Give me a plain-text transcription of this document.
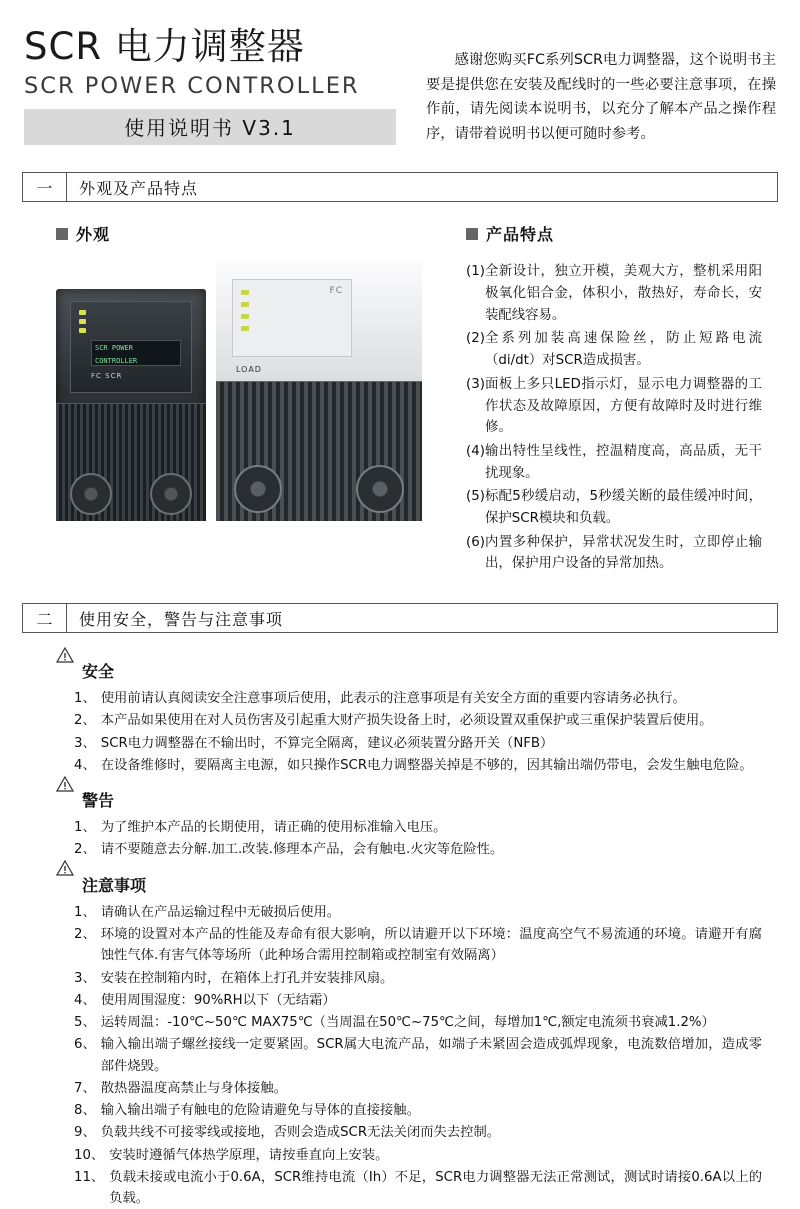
SCR 电力调整器
SCR POWER CONTROLLER
使用说明书 V3.1

感谢您购买FC系列SCR电力调整器，这个说明书主要是提供您在安装及配线时的一些必要注意事项，在操作前，请先阅读本说明书，以充分了解本产品之操作程序，请带着说明书以便可随时参考。

一	外观及产品特点
外观
SCR POWER
CONTROLLER
FC SCR
FC
LOAD
产品特点
(1) 全新设计，独立开模，美观大方，整机采用阳极氧化铝合金，体积小，散热好，寿命长，安装配线容易。
(2) 全系列加装高速保险丝，防止短路电流（di/dt）对SCR造成损害。
(3) 面板上多只LED指示灯，显示电力调整器的工作状态及故障原因，方便有故障时及时进行维修。
(4) 输出特性呈线性，控温精度高，高品质，无干扰现象。
(5) 标配5秒缓启动，5秒缓关断的最佳缓冲时间，保护SCR模块和负载。
(6) 内置多种保护，异常状况发生时，立即停止输出，保护用户设备的异常加热。
二	使用安全，警告与注意事项
安全
1、 使用前请认真阅读安全注意事项后使用，此表示的注意事项是有关安全方面的重要内容请务必执行。
2、 本产品如果使用在对人员伤害及引起重大财产损失设备上时，必须设置双重保护或三重保护装置后使用。
3、 SCR电力调整器在不输出时，不算完全隔离，建议必须装置分路开关（NFB）
4、 在设备维修时，要隔离主电源，如只操作SCR电力调整器关掉是不够的，因其输出端仍带电，会发生触电危险。
警告
1、 为了维护本产品的长期使用，请正确的使用标准输入电压。
2、 请不要随意去分解.加工.改装.修理本产品，会有触电.火灾等危险性。
注意事项
1、 请确认在产品运输过程中无破损后使用。
2、 环境的设置对本产品的性能及寿命有很大影响，所以请避开以下环境：温度高空气不易流通的环境。请避开有腐蚀性气体.有害气体等场所（此种场合需用控制箱或控制室有效隔离）
3、 安装在控制箱内时，在箱体上打孔并安装排风扇。
4、 使用周围湿度：90%RH以下（无结霜）
5、 运转周温：-10℃~50℃ MAX75℃（当周温在50℃~75℃之间，每增加1℃,额定电流须书衰减1.2%）
6、 输入输出端子螺丝接线一定要紧固。SCR属大电流产品，如端子未紧固会造成弧焊现象，电流数倍增加，造成零部件烧毁。
7、 散热器温度高禁止与身体接触。
8、 输入输出端子有触电的危险请避免与导体的直接接触。
9、 负载共线不可接零线或接地，否则会造成SCR无法关闭而失去控制。
10、 安装时遵循气体热学原理，请按垂直向上安装。
11、 负载未接或电流小于0.6A，SCR维持电流（Ih）不足，SCR电力调整器无法正常测试，测试时请接0.6A以上的负载。
